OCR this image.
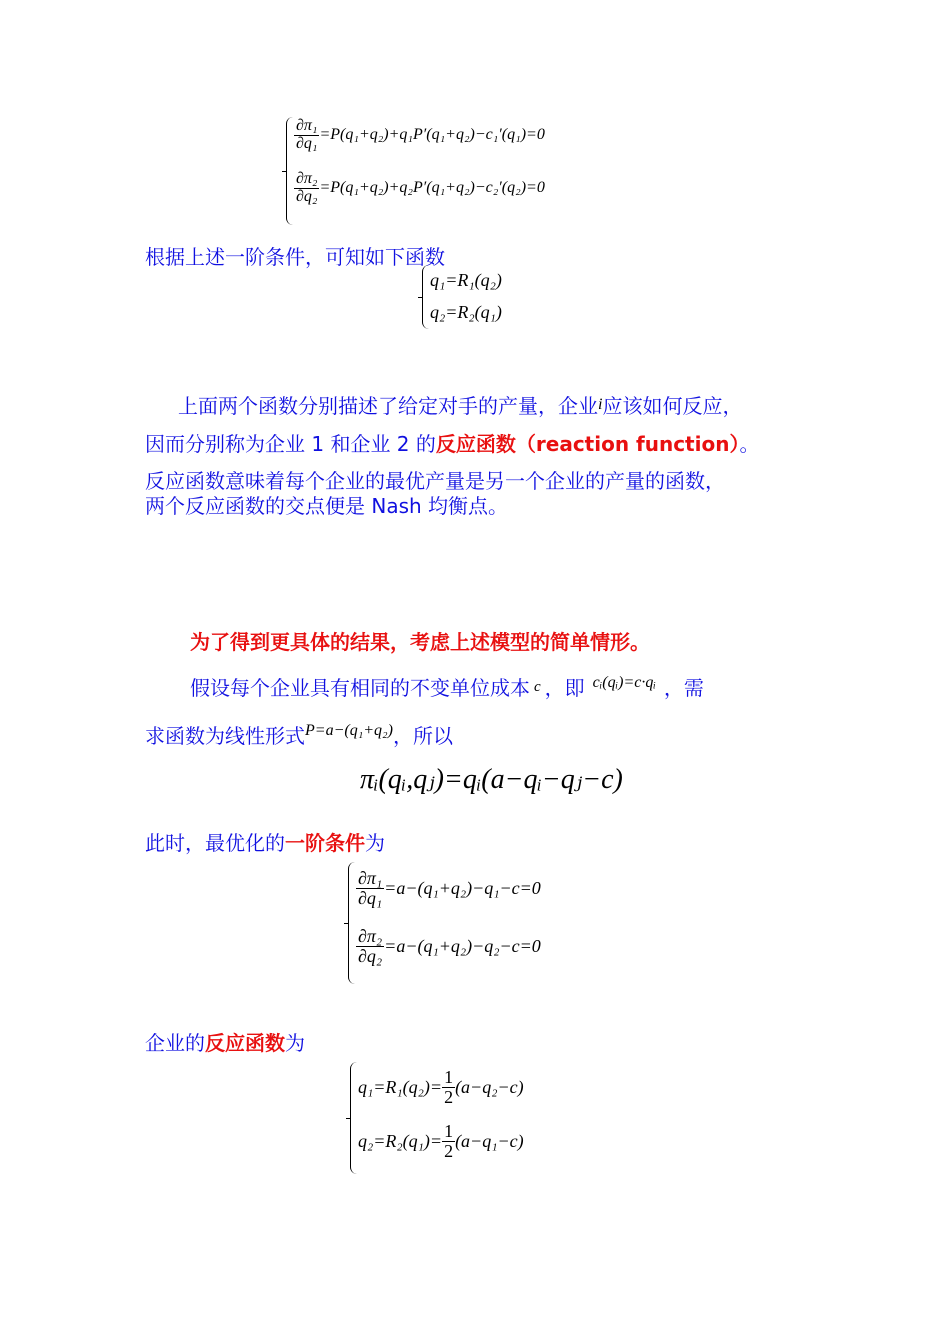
$\frac{\text{∂π₁}}{\text{∂q₁}} =P(q_1+q_2)+q_1P'(q_1+q_2)-c_1'(q_1)=0$
$\frac{\text{∂π₂}}{\text{∂q₂}} =P(q_1+q_2)+q_2P'(q_1+q_2)-c_2'(q_2)=0$
根据上述一阶条件，可知如下函数
q₁=R₁(q₂)
q₂=R₂(q₁)
上面两个函数分别描述了给定对手的产量，企业$^i$应该如何反应，
因而分别称为企业 1 和企业 2 的反应函数（reaction function）。
反应函数意味着每个企业的最优产量是另一个企业的产量的函数，
两个反应函数的交点便是 Nash 均衡点。
为了得到更具体的结果，考虑上述模型的简单情形。
假设每个企业具有相同的不变单位成本 $^c$ ，即 $^{cᵢ(qᵢ)=c\cdot qᵢ}$ ，需
求函数为线性形式$^{P=a-(q_1+q_2)}$，所以
πᵢ(qᵢ,qⱼ)=qᵢ(a−qᵢ−qⱼ−c)
此时，最优化的一阶条件为
$\frac{\text{∂π₁}}{\text{∂q₁}} =a-(q_1+q_2)-q_1-c=0$
$\frac{\text{∂π₂}}{\text{∂q₂}} =a-(q_1+q_2)-q_2-c=0$
企业的反应函数为
$q_1=R_1(q_2)= \frac{1}{2} (a-q_2-c)$
$q_2=R_2(q_1)= \frac{1}{2} (a-q_1-c)$
